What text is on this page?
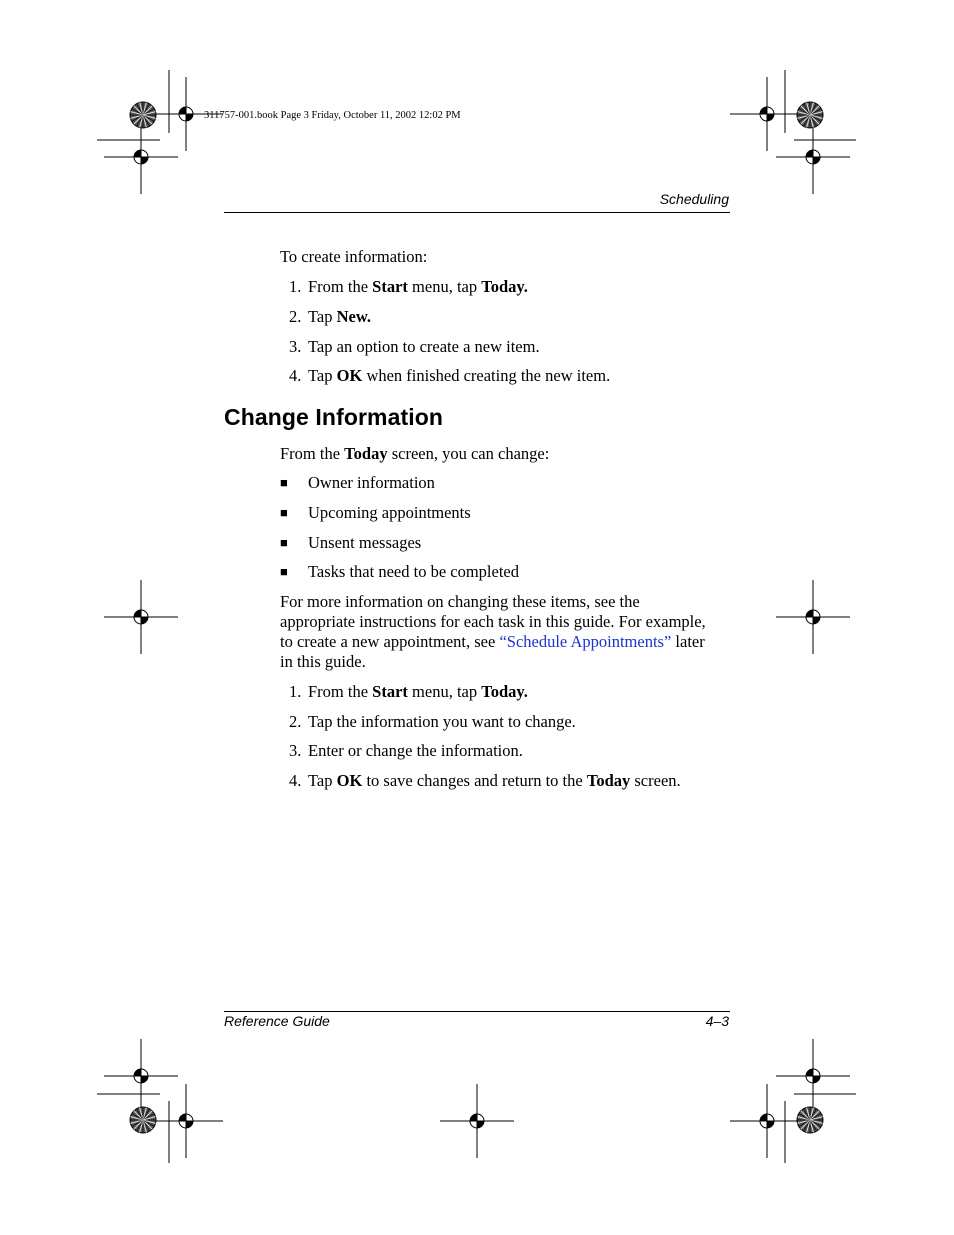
311757-001.book Page 3 Friday, October 11, 2002 12:02 PM
Scheduling
To create information:
1. From the Start menu, tap Today.
2. Tap New.
3. Tap an option to create a new item.
4. Tap OK when finished creating the new item.
Change Information
From the Today screen, you can change:
■ Owner information
■ Upcoming appointments
■ Unsent messages
■ Tasks that need to be completed
For more information on changing these items, see the
appropriate instructions for each task in this guide. For example,
to create a new appointment, see “Schedule Appointments” later
in this guide.
1. From the Start menu, tap Today.
2. Tap the information you want to change.
3. Enter or change the information.
4. Tap OK to save changes and return to the Today screen.
Reference Guide	4–3
